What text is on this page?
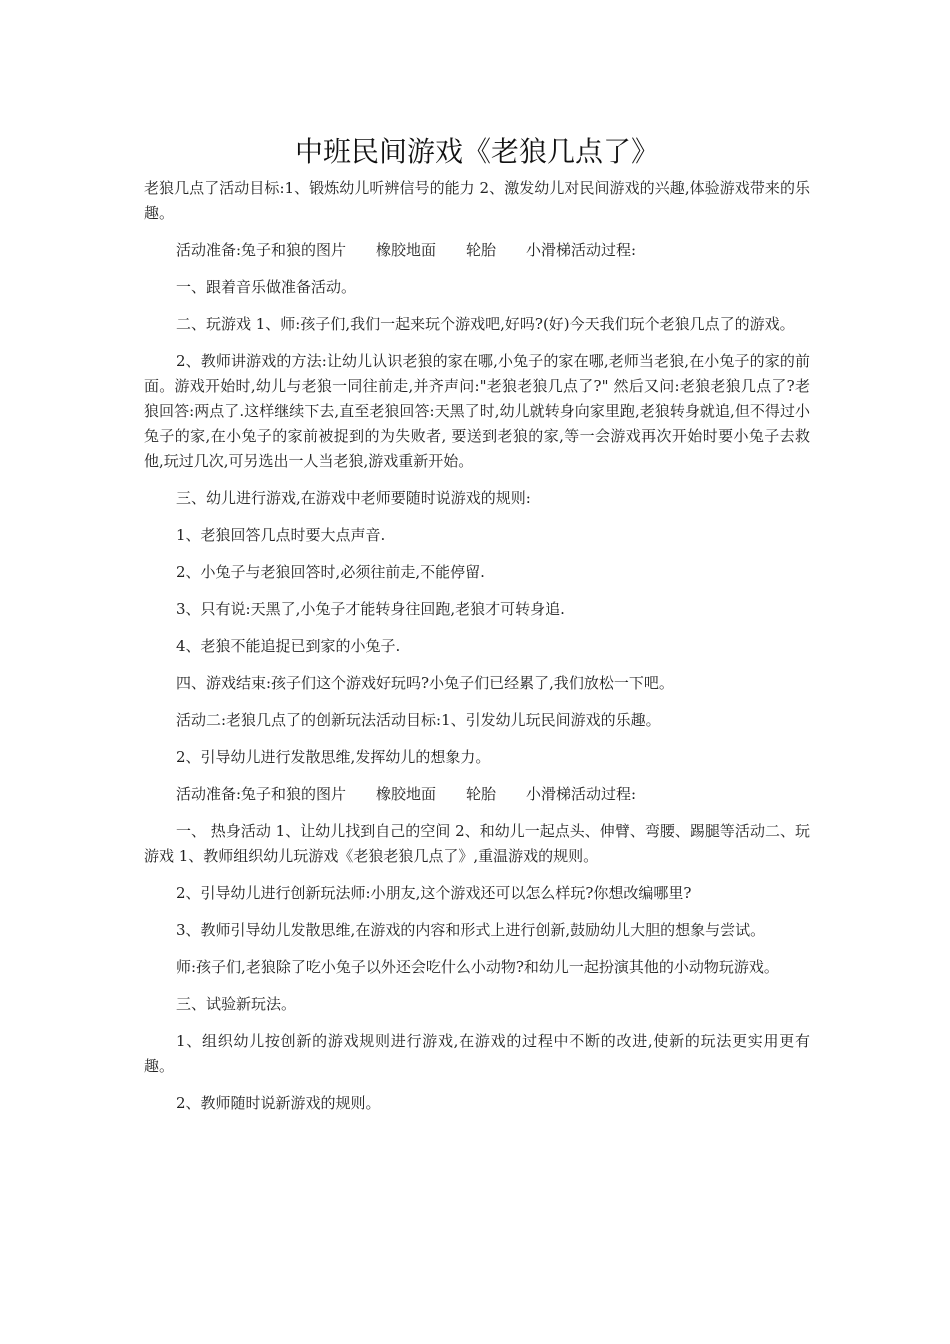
中班民间游戏《老狼几点了》

老狼几点了活动目标:1、锻炼幼儿听辨信号的能力 2、激发幼儿对民间游戏的兴趣,体验游戏带来的乐趣。

活动准备:兔子和狼的图片　　橡胶地面　　轮胎　　小滑梯活动过程:

一、跟着音乐做准备活动。

二、玩游戏 1、师:孩子们,我们一起来玩个游戏吧,好吗?(好)今天我们玩个老狼几点了的游戏。

2、教师讲游戏的方法:让幼儿认识老狼的家在哪,小兔子的家在哪,老师当老狼,在小兔子的家的前面。游戏开始时,幼儿与老狼一同往前走,并齐声问:"老狼老狼几点了?" 然后又问:老狼老狼几点了?老狼回答:两点了.这样继续下去,直至老狼回答:天黑了时,幼儿就转身向家里跑,老狼转身就追,但不得过小兔子的家,在小兔子的家前被捉到的为失败者, 要送到老狼的家,等一会游戏再次开始时要小兔子去救他,玩过几次,可另选出一人当老狼,游戏重新开始。

三、幼儿进行游戏,在游戏中老师要随时说游戏的规则:

1、老狼回答几点时要大点声音.

2、小兔子与老狼回答时,必须往前走,不能停留.

3、只有说:天黑了,小兔子才能转身往回跑,老狼才可转身追.

4、老狼不能追捉已到家的小兔子.

四、游戏结束:孩子们这个游戏好玩吗?小兔子们已经累了,我们放松一下吧。

活动二:老狼几点了的创新玩法活动目标:1、引发幼儿玩民间游戏的乐趣。

2、引导幼儿进行发散思维,发挥幼儿的想象力。

活动准备:兔子和狼的图片　　橡胶地面　　轮胎　　小滑梯活动过程:

一、 热身活动 1、让幼儿找到自己的空间 2、和幼儿一起点头、伸臂、弯腰、踢腿等活动二、玩游戏 1、教师组织幼儿玩游戏《老狼老狼几点了》,重温游戏的规则。

2、引导幼儿进行创新玩法师:小朋友,这个游戏还可以怎么样玩?你想改编哪里?

3、教师引导幼儿发散思维,在游戏的内容和形式上进行创新,鼓励幼儿大胆的想象与尝试。

师:孩子们,老狼除了吃小兔子以外还会吃什么小动物?和幼儿一起扮演其他的小动物玩游戏。

三、试验新玩法。

1、组织幼儿按创新的游戏规则进行游戏,在游戏的过程中不断的改进,使新的玩法更实用更有趣。

2、教师随时说新游戏的规则。
